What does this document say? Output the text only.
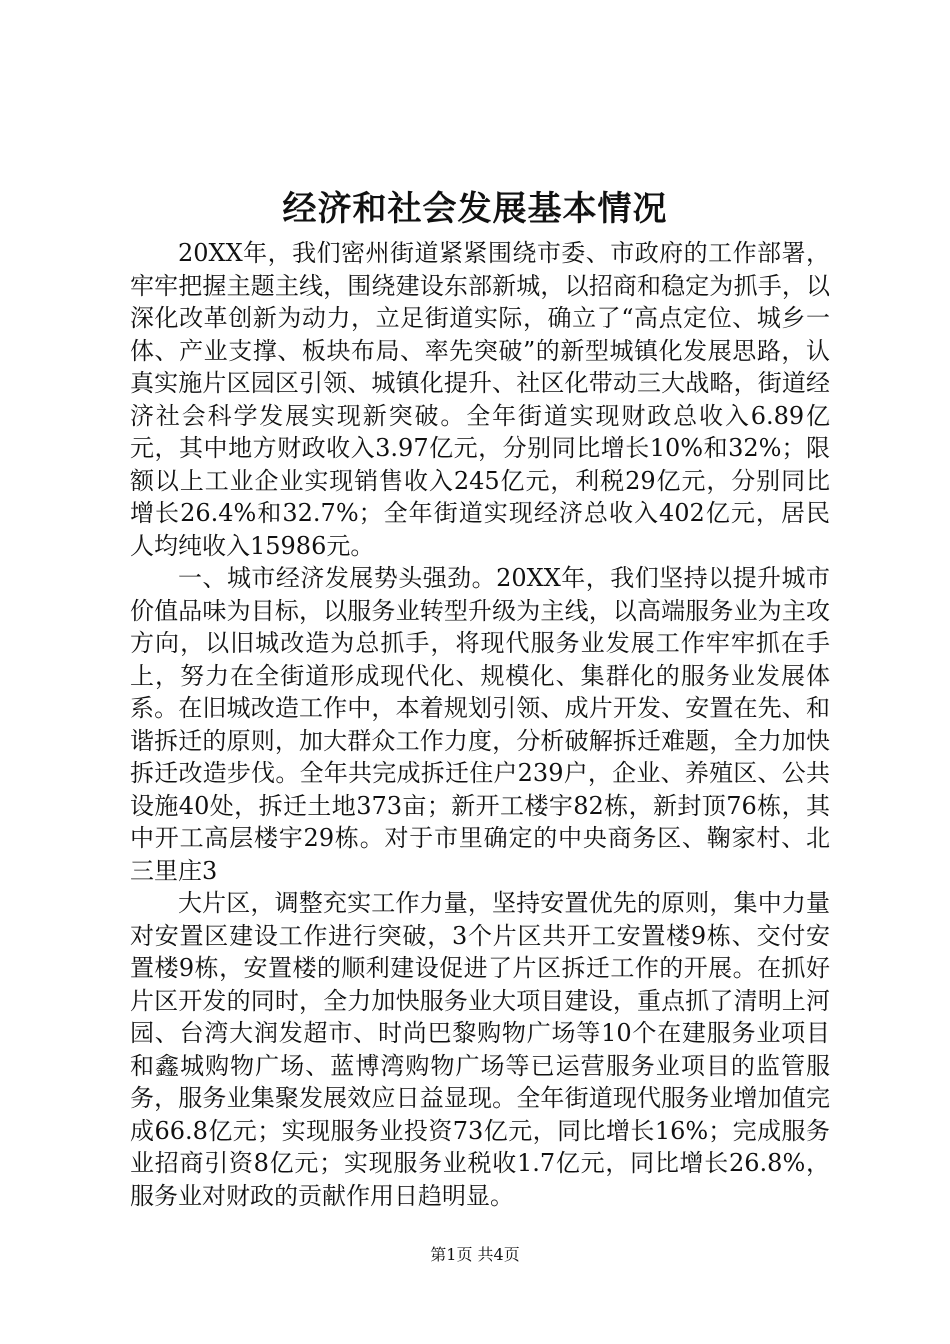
经济和社会发展基本情况

20XX年，我们密州街道紧紧围绕市委、市政府的工作部署，牢牢把握主题主线，围绕建设东部新城，以招商和稳定为抓手，以深化改革创新为动力，立足街道实际，确立了“高点定位、城乡一体、产业支撑、板块布局、率先突破”的新型城镇化发展思路，认真实施片区园区引领、城镇化提升、社区化带动三大战略，街道经济社会科学发展实现新突破。全年街道实现财政总收入6.89亿元，其中地方财政收入3.97亿元，分别同比增长10%和32%；限额以上工业企业实现销售收入245亿元，利税29亿元，分别同比增长26.4%和32.7%；全年街道实现经济总收入402亿元，居民人均纯收入15986元。

一、城市经济发展势头强劲。20XX年，我们坚持以提升城市价值品味为目标，以服务业转型升级为主线，以高端服务业为主攻方向，以旧城改造为总抓手，将现代服务业发展工作牢牢抓在手上，努力在全街道形成现代化、规模化、集群化的服务业发展体系。在旧城改造工作中，本着规划引领、成片开发、安置在先、和谐拆迁的原则，加大群众工作力度，分析破解拆迁难题，全力加快拆迁改造步伐。全年共完成拆迁住户239户，企业、养殖区、公共设施40处，拆迁土地373亩；新开工楼宇82栋，新封顶76栋，其中开工高层楼宇29栋。对于市里确定的中央商务区、鞠家村、北三里庄3

大片区，调整充实工作力量，坚持安置优先的原则，集中力量对安置区建设工作进行突破，3个片区共开工安置楼9栋、交付安置楼9栋，安置楼的顺利建设促进了片区拆迁工作的开展。在抓好片区开发的同时，全力加快服务业大项目建设，重点抓了清明上河园、台湾大润发超市、时尚巴黎购物广场等10个在建服务业项目和鑫城购物广场、蓝博湾购物广场等已运营服务业项目的监管服务，服务业集聚发展效应日益显现。全年街道现代服务业增加值完成66.8亿元；实现服务业投资73亿元，同比增长16%；完成服务业招商引资8亿元；实现服务业税收1.7亿元，同比增长26.8%，服务业对财政的贡献作用日趋明显。

第1页 共4页
